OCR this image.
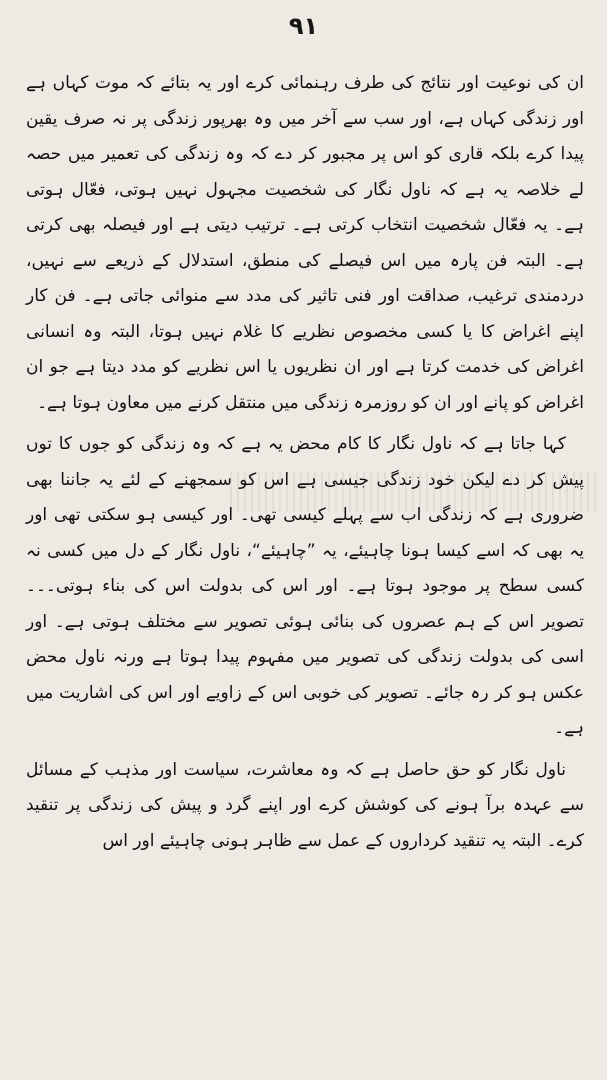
۹۱

ان کی نوعیت اور نتائج کی طرف رہنمائی کرے اور یہ بتائے کہ موت کہاں ہے اور زندگی کہاں ہے، اور سب سے آخر میں وہ بھرپور زندگی پر نہ صرف یقین پیدا کرے بلکہ قاری کو اس پر مجبور کر دے کہ وہ زندگی کی تعمیر میں حصہ لے خلاصہ یہ ہے کہ ناول نگار کی شخصیت مجہول نہیں ہوتی، فعّال ہوتی ہے۔ یہ فعّال شخصیت انتخاب کرتی ہے۔ ترتیب دیتی ہے اور فیصلہ بھی کرتی ہے۔ البتہ فن پارہ میں اس فیصلے کی منطق، استدلال کے ذریعے سے نہیں، دردمندی ترغیب، صداقت اور فنی تاثیر کی مدد سے منوائی جاتی ہے۔ فن کار اپنے اغراض کا یا کسی مخصوص نظریے کا غلام نہیں ہوتا، البتہ وہ انسانی اغراض کی خدمت کرتا ہے اور ان نظریوں یا اس نظریے کو مدد دیتا ہے جو ان اغراض کو پانے اور ان کو روزمرہ زندگی میں منتقل کرنے میں معاون ہوتا ہے۔

کہا جاتا ہے کہ ناول نگار کا کام محض یہ ہے کہ وہ زندگی کو جوں کا توں پیش کر دے لیکن خود زندگی جیسی ہے اس کو سمجھنے کے لئے یہ جاننا بھی ضروری ہے کہ زندگی اب سے پہلے کیسی تھی۔ اور کیسی ہو سکتی تھی اور یہ بھی کہ اسے کیسا ہونا چاہیئے، یہ ”چاہیئے“، ناول نگار کے دل میں کسی نہ کسی سطح پر موجود ہوتا ہے۔ اور اس کی بدولت اس کی بناء ہوتی۔۔۔ تصویر اس کے ہم عصروں کی بنائی ہوئی تصویر سے مختلف ہوتی ہے۔ اور اسی کی بدولت زندگی کی تصویر میں مفہوم پیدا ہوتا ہے ورنہ ناول محض عکس ہو کر رہ جائے۔ تصویر کی خوبی اس کے زاویے اور اس کی اشاریت میں ہے۔

ناول نگار کو حق حاصل ہے کہ وہ معاشرت، سیاست اور مذہب کے مسائل سے عہدہ برآ ہونے کی کوشش کرے اور اپنے گرد و پیش کی زندگی پر تنقید کرے۔ البتہ یہ تنقید کرداروں کے عمل سے ظاہر ہونی چاہیئے اور اس
